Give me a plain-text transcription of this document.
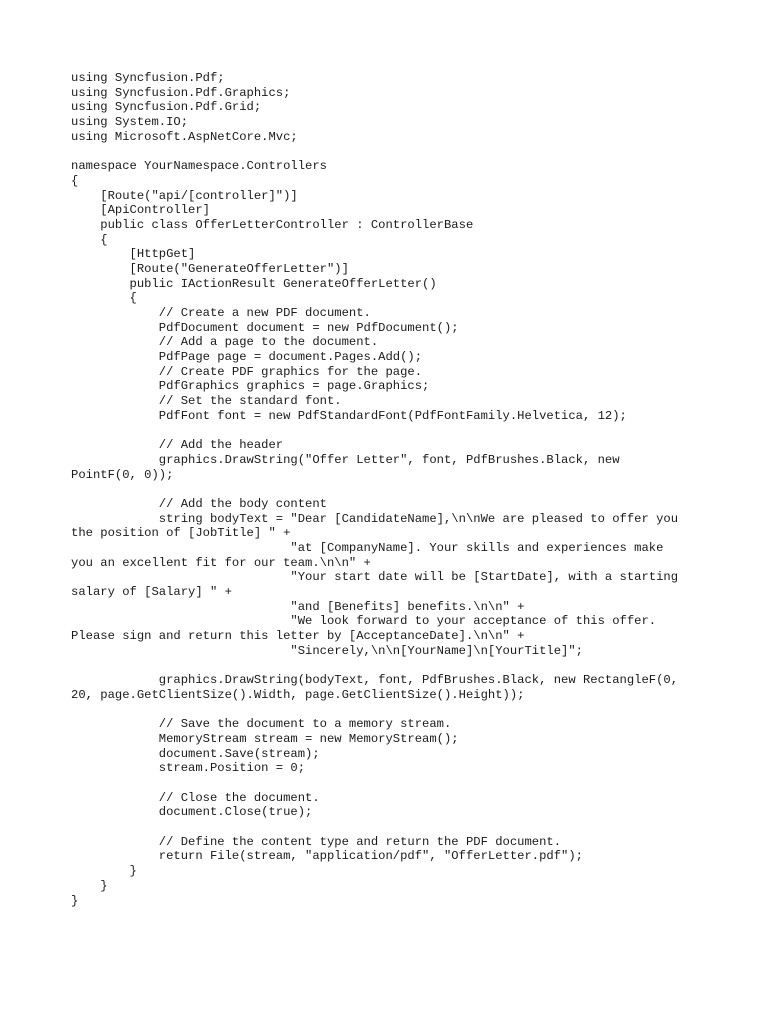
using Syncfusion.Pdf;
using Syncfusion.Pdf.Graphics;
using Syncfusion.Pdf.Grid;
using System.IO;
using Microsoft.AspNetCore.Mvc;
namespace YourNamespace.Controllers
{
[Route("api/[controller]")]
[ApiController]
public class OfferLetterController : ControllerBase
{
[HttpGet]
[Route("GenerateOfferLetter")]
public IActionResult GenerateOfferLetter()
{
// Create a new PDF document.
PdfDocument document = new PdfDocument();
// Add a page to the document.
PdfPage page = document.Pages.Add();
// Create PDF graphics for the page.
PdfGraphics graphics = page.Graphics;
// Set the standard font.
PdfFont font = new PdfStandardFont(PdfFontFamily.Helvetica, 12);
// Add the header
graphics.DrawString("Offer Letter", font, PdfBrushes.Black, new
PointF(0, 0));
// Add the body content
string bodyText = "Dear [CandidateName],\n\nWe are pleased to offer you
the position of [JobTitle] " +
"at [CompanyName]. Your skills and experiences make
you an excellent fit for our team.\n\n" +
"Your start date will be [StartDate], with a starting
salary of [Salary] " +
"and [Benefits] benefits.\n\n" +
"We look forward to your acceptance of this offer.
Please sign and return this letter by [AcceptanceDate].\n\n" +
"Sincerely,\n\n[YourName]\n[YourTitle]";
graphics.DrawString(bodyText, font, PdfBrushes.Black, new RectangleF(0,
20, page.GetClientSize().Width, page.GetClientSize().Height));
// Save the document to a memory stream.
MemoryStream stream = new MemoryStream();
document.Save(stream);
stream.Position = 0;
// Close the document.
document.Close(true);
// Define the content type and return the PDF document.
return File(stream, "application/pdf", "OfferLetter.pdf");
}
}
}
